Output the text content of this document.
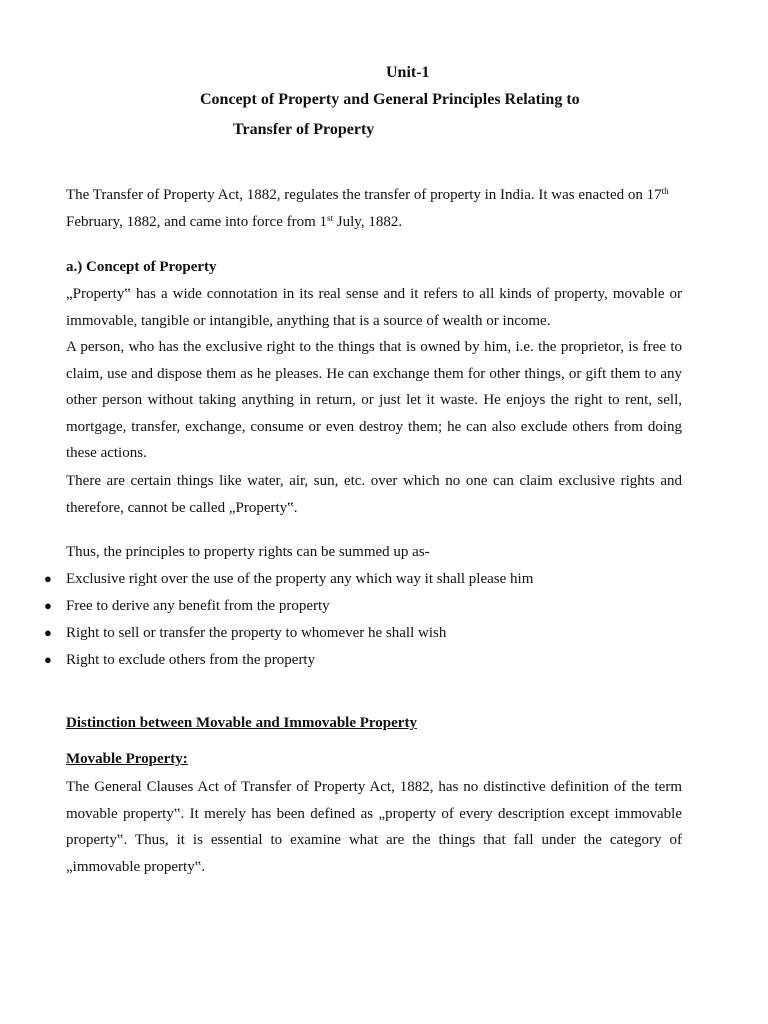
Unit-1
Concept of Property and General Principles Relating to
Transfer of Property

The Transfer of Property Act, 1882, regulates the transfer of property in India. It was enacted on 17th
February, 1882, and came into force from 1st July, 1882.

a.) Concept of Property

„Property‟ has a wide connotation in its real sense and it refers to all kinds of property, movable or immovable, tangible or intangible, anything that is a source of wealth or income.

A person, who has the exclusive right to the things that is owned by him, i.e. the proprietor, is free to claim, use and dispose them as he pleases. He can exchange them for other things, or gift them to any other person without taking anything in return, or just let it waste. He enjoys the right to rent, sell, mortgage, transfer, exchange, consume or even destroy them; he can also exclude others from doing these actions.

There are certain things like water, air, sun, etc. over which no one can claim exclusive rights and therefore, cannot be called „Property‟.

Thus, the principles to property rights can be summed up as-
● Exclusive right over the use of the property any which way it shall please him
● Free to derive any benefit from the property
● Right to sell or transfer the property to whomever he shall wish
● Right to exclude others from the property
Distinction between Movable and Immovable Property
Movable Property:

The General Clauses Act of Transfer of Property Act, 1882, has no distinctive definition of the term movable property‟. It merely has been defined as „property of every description except immovable property‟. Thus, it is essential to examine what are the things that fall under the category of „immovable property‟.
